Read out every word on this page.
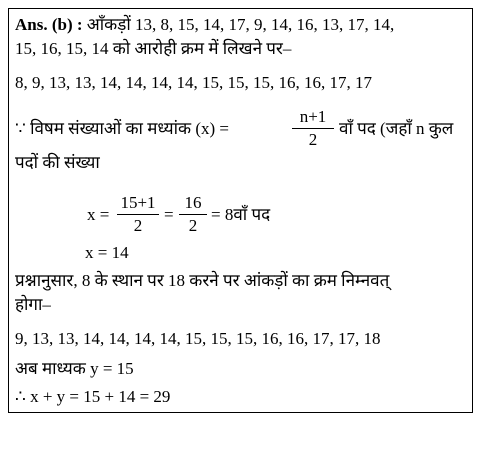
Ans. (b) : आँकड़ों 13, 8, 15, 14, 17, 9, 14, 16, 13, 17, 14,
15, 16, 15, 14 को आरोही क्रम में लिखने पर–
8, 9, 13, 13, 14, 14, 14, 14, 15, 15, 15, 16, 16, 17, 17
∵ विषम संख्याओं का मध्यांक (x) =
n+1
2
वाँ पद (जहाँ n कुल
पदों की संख्या
x =
15+1
2
=
16
2
= 8वाँ पद
x = 14
प्रश्नानुसार, 8 के स्थान पर 18 करने पर आंकड़ों का क्रम निम्नवत्
होगा–
9, 13, 13, 14, 14, 14, 14, 15, 15, 15, 16, 16, 17, 17, 18
अब माध्यक y = 15
∴ x + y = 15 + 14 = 29
